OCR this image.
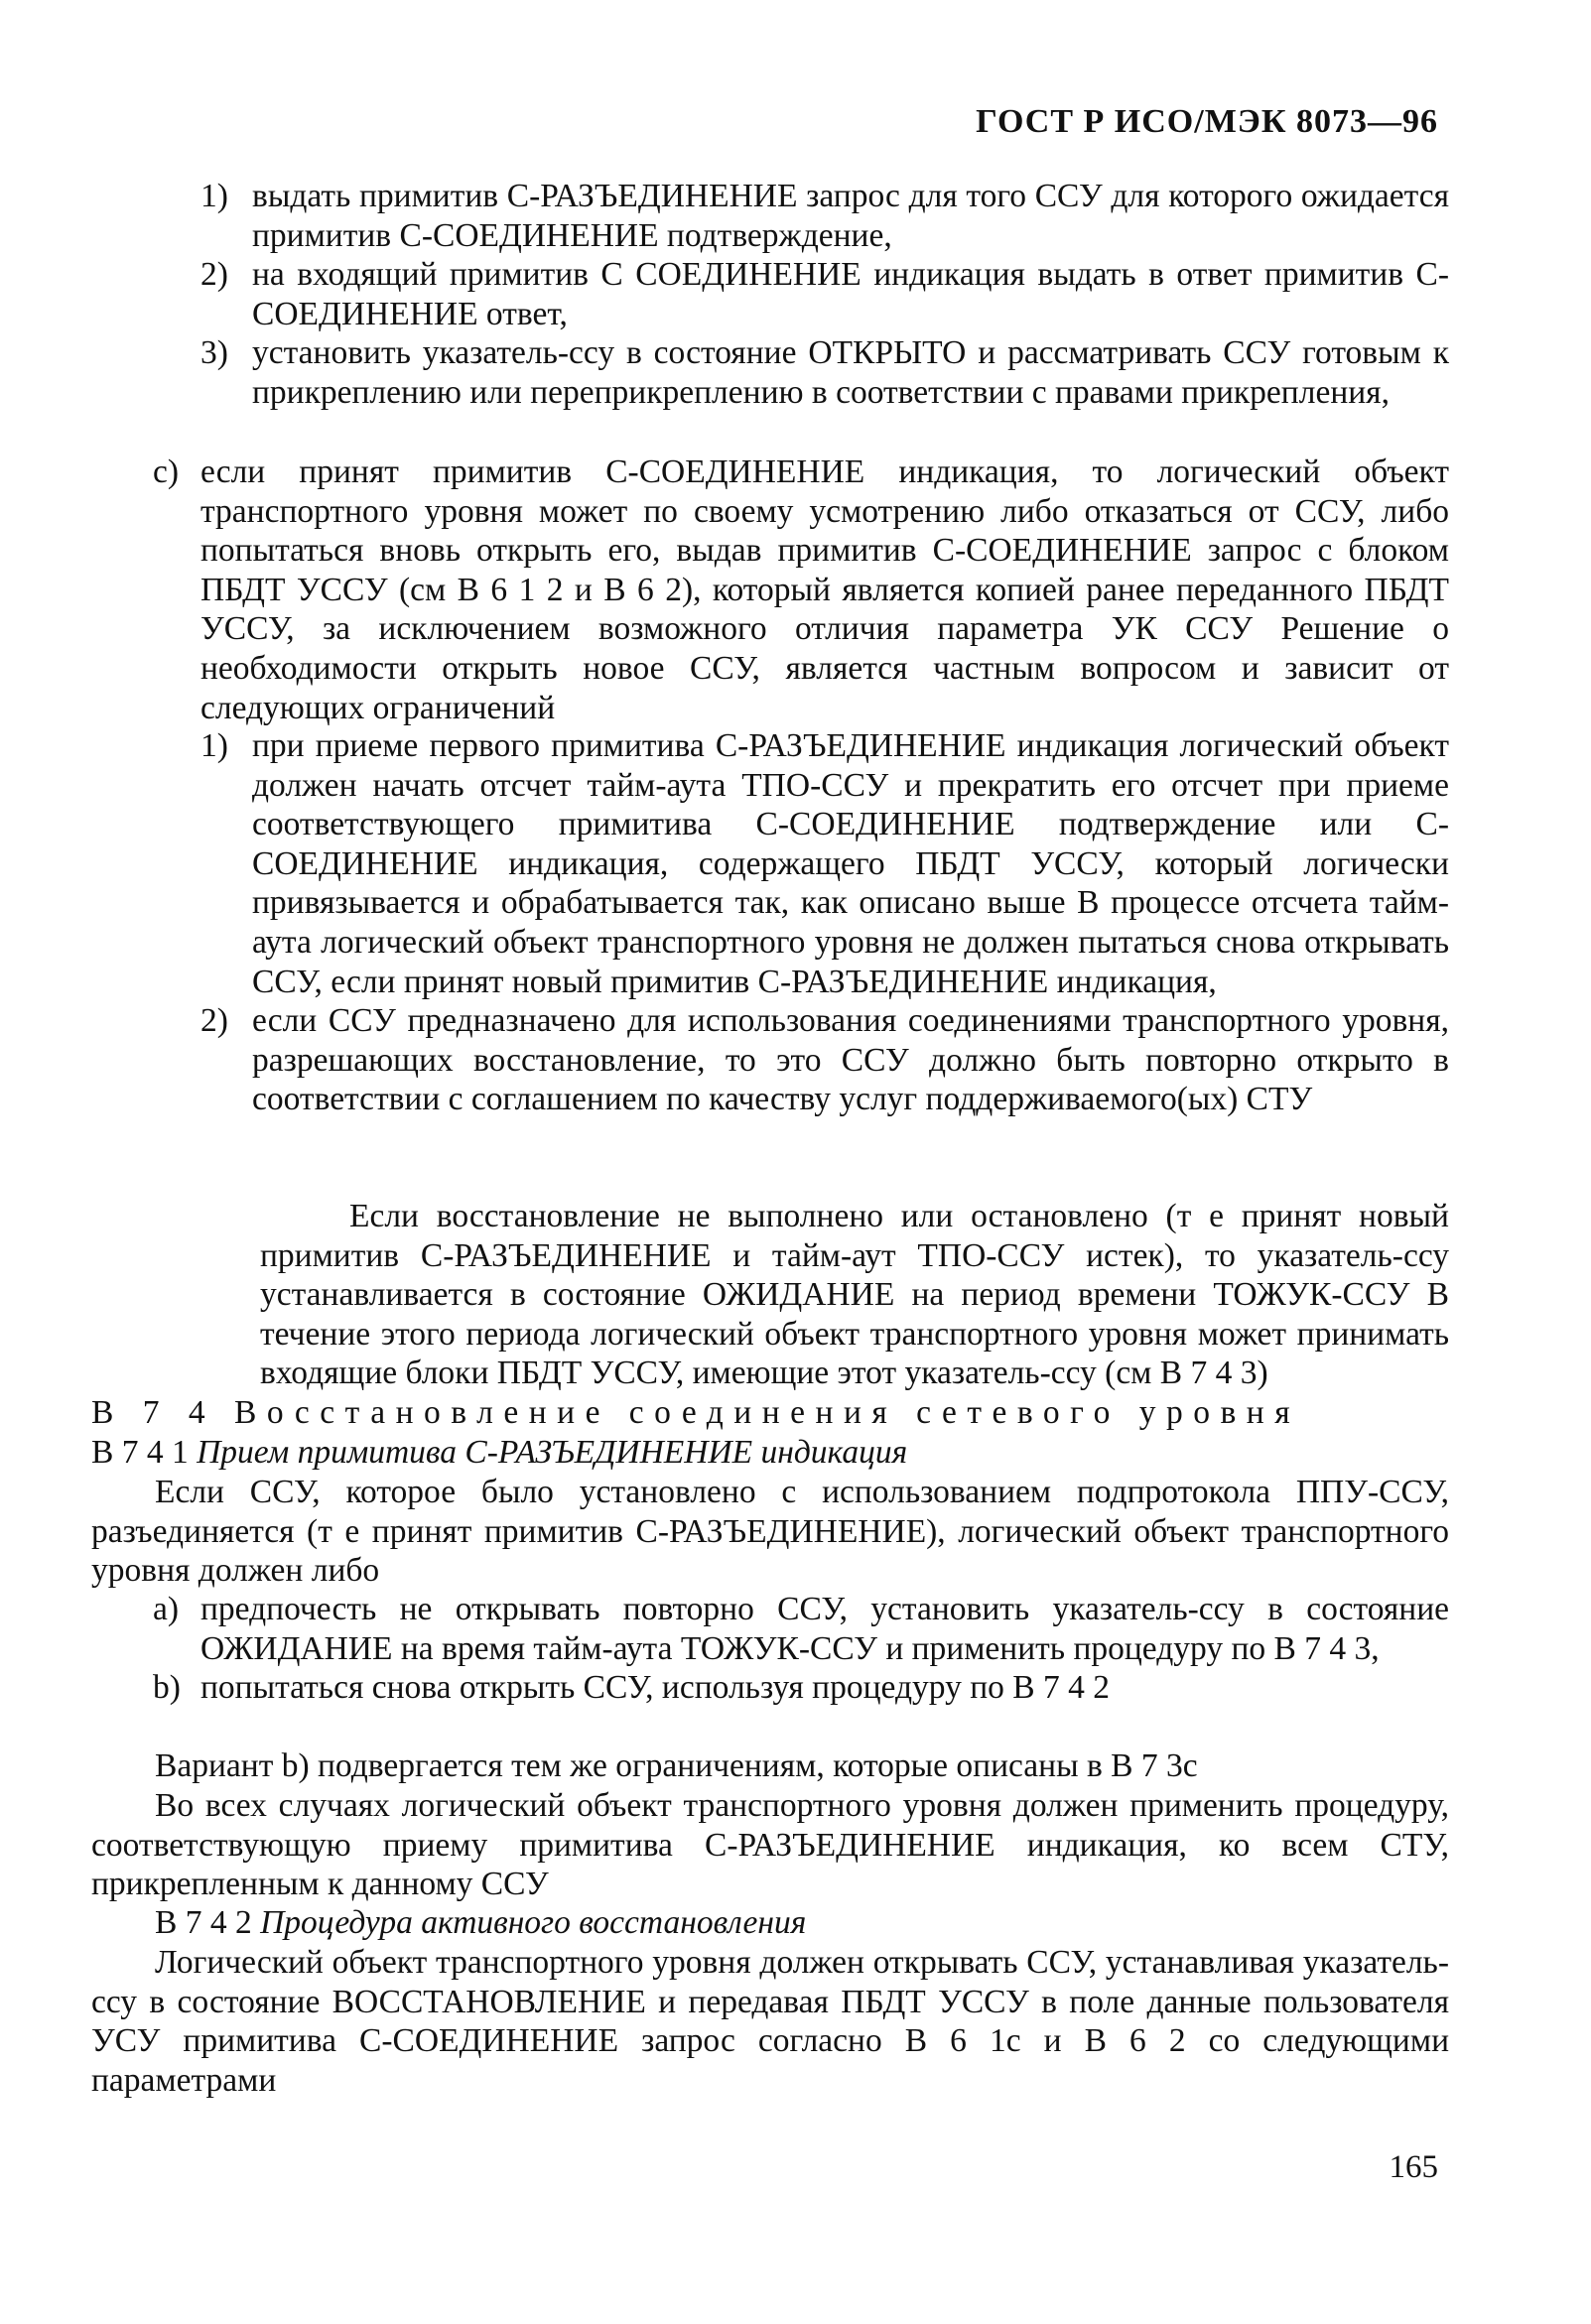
ГОСТ Р ИСО/МЭК 8073—96
1) выдать примитив С-РАЗЪЕДИНЕНИЕ запрос для того ССУ для которого ожидается примитив С-СОЕДИНЕНИЕ подтверждение,
2) на входящий примитив С СОЕДИНЕНИЕ индикация выдать в ответ примитив С-СОЕДИНЕНИЕ ответ,
3) установить указатель-ссу в состояние ОТКРЫТО и рассматривать ССУ готовым к прикреплению или переприкреплению в соответствии с правами прикрепления,
с) если принят примитив С-СОЕДИНЕНИЕ индикация, то логический объект транспортного уровня может по своему усмотрению либо отказаться от ССУ, либо попытаться вновь открыть его, выдав примитив С-СОЕДИНЕНИЕ запрос с блоком ПБДТ УССУ (см В 6 1 2 и В 6 2), который является копией ранее переданного ПБДТ УССУ, за исключением возможного отличия параметра УК ССУ Решение о необходимости открыть новое ССУ, является частным вопросом и зависит от следующих ограничений
1) при приеме первого примитива С-РАЗЪЕДИНЕНИЕ индикация логический объект должен начать отсчет тайм-аута ТПО-ССУ и прекратить его отсчет при приеме соответствующего примитива С-СОЕДИНЕНИЕ подтверждение или С-СОЕДИНЕНИЕ индикация, содержащего ПБДТ УССУ, который логически привязывается и обрабатывается так, как описано выше В процессе отсчета тайм-аута логический объект транспортного уровня не должен пытаться снова открывать ССУ, если принят новый примитив С-РАЗЪЕДИНЕНИЕ индикация,
2) если ССУ предназначено для использования соединениями транспортного уровня, разрешающих восстановление, то это ССУ должно быть повторно открыто в соответствии с соглашением по качеству услуг поддерживаемого(ых) СТУ

Если восстановление не выполнено или остановлено (т е принят новый примитив С-РАЗЪЕДИНЕНИЕ и тайм-аут ТПО-ССУ истек), то указатель-ссу устанавливается в состояние ОЖИДАНИЕ на период времени ТОЖУК-ССУ В течение этого периода логический объект транспортного уровня может принимать входящие блоки ПБДТ УССУ, имеющие этот указатель-ссу (см В 7 4 3)

В 7 4 Восстановление соединения сетевого уровня

В 7 4 1 Прием примитива С-РАЗЪЕДИНЕНИЕ индикация

Если ССУ, которое было установлено с использованием подпротокола ППУ-ССУ, разъединяется (т е принят примитив С-РАЗЪЕДИНЕНИЕ), логический объект транспортного уровня должен либо

a) предпочесть не открывать повторно ССУ, установить указатель-ссу в состояние ОЖИДАНИЕ на время тайм-аута ТОЖУК-ССУ и применить процедуру по В 7 4 3,
b) попытаться снова открыть ССУ, используя процедуру по В 7 4 2

Вариант b) подвергается тем же ограничениям, которые описаны в В 7 3с

Во всех случаях логический объект транспортного уровня должен применить процедуру, соответствующую приему примитива С-РАЗЪЕДИНЕНИЕ индикация, ко всем СТУ, прикрепленным к данному ССУ

В 7 4 2 Процедура активного восстановления

Логический объект транспортного уровня должен открывать ССУ, устанавливая указатель-ссу в состояние ВОССТАНОВЛЕНИЕ и передавая ПБДТ УССУ в поле данные пользователя УСУ примитива С-СОЕДИНЕНИЕ запрос согласно В 6 1с и В 6 2 со следующими параметрами

165
